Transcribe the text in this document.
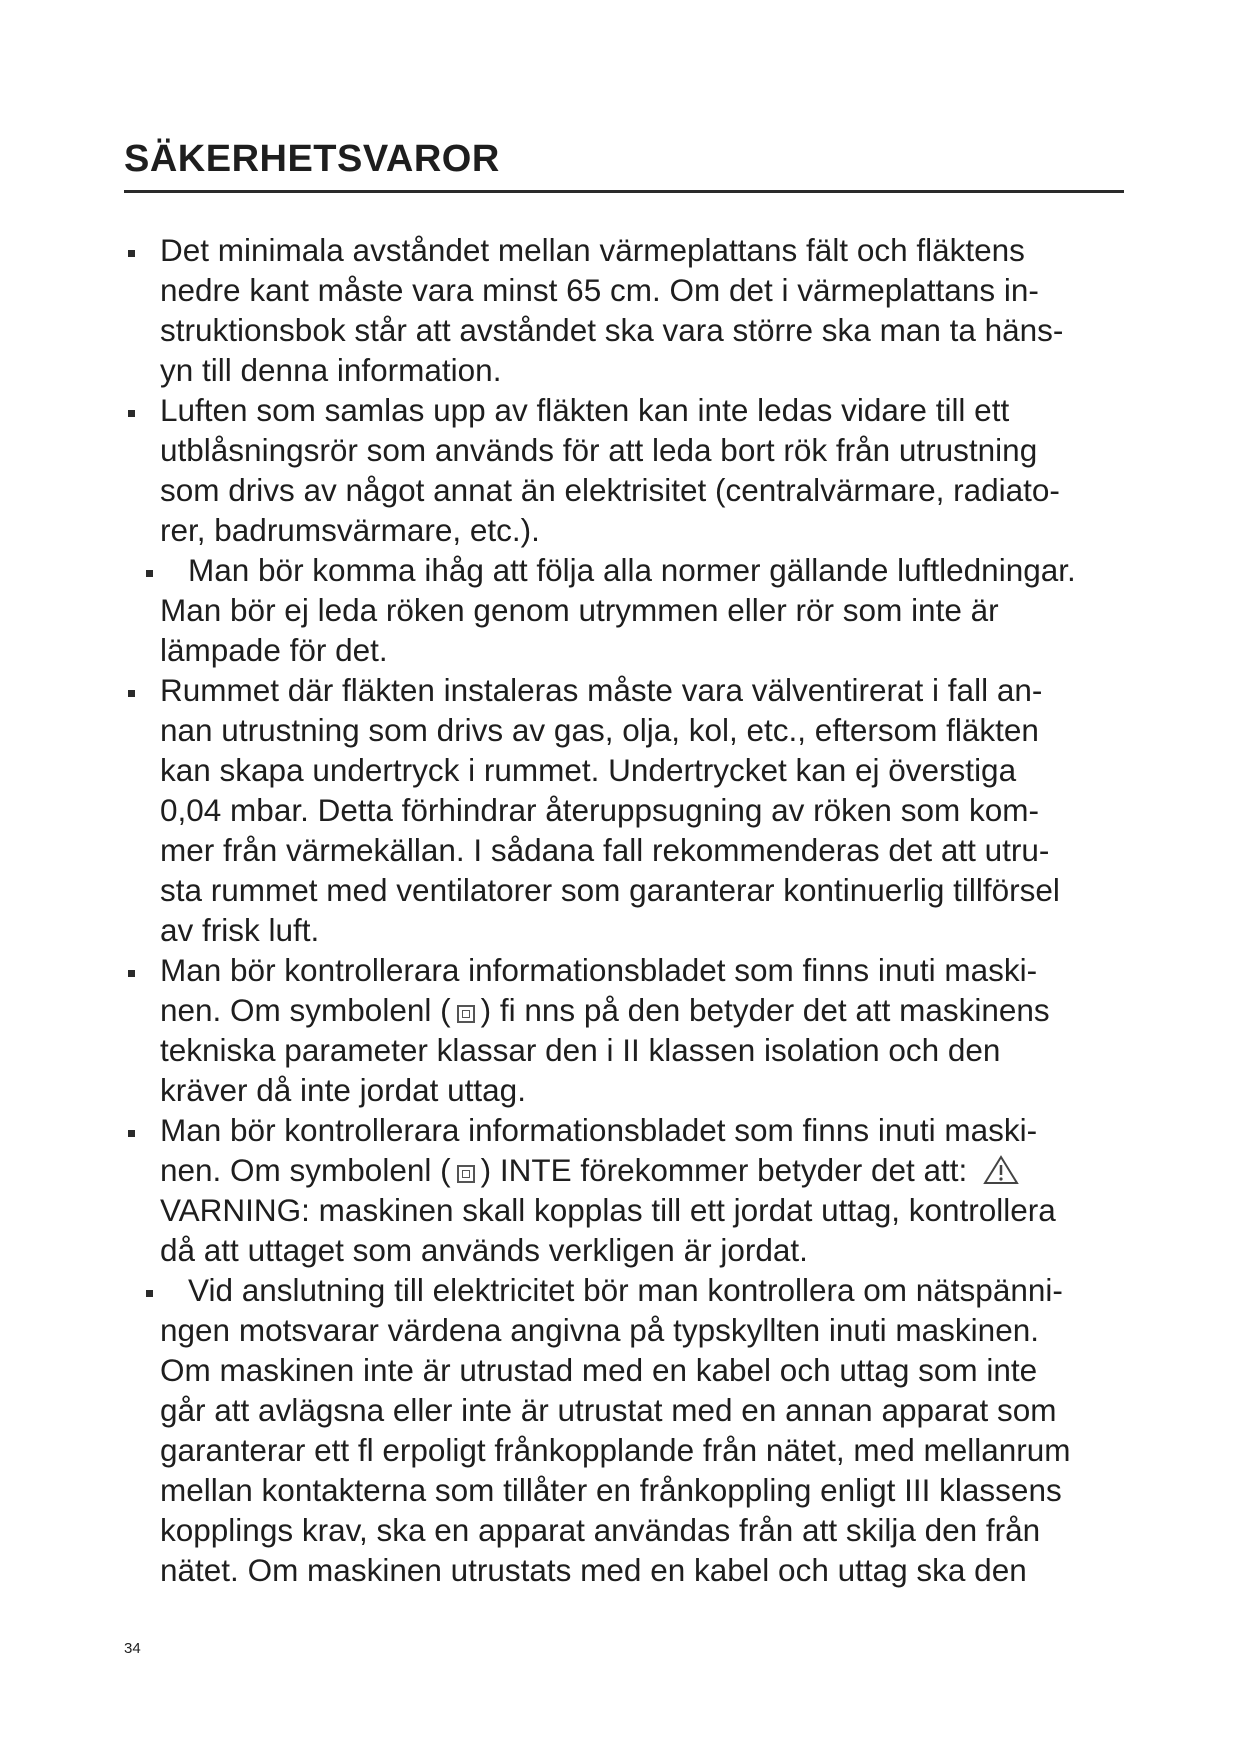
SÄKERHETSVAROR
Det minimala avståndet mellan värmeplattans fält och fläktens
nedre kant måste vara minst 65 cm. Om det i värmeplattans in-
struktionsbok står att avståndet ska vara större ska man ta häns-
yn till denna information.
Luften som samlas upp av fläkten kan inte ledas vidare till ett
utblåsningsrör som används för att leda bort rök från utrustning
som drivs av något annat än elektrisitet (centralvärmare, radiato-
rer, badrumsvärmare, etc.).
Man bör komma ihåg att följa alla normer gällande luftledningar.
Man bör ej leda röken genom utrymmen eller rör som inte är
lämpade för det.
Rummet där fläkten instaleras måste vara välventirerat i fall an-
nan utrustning som drivs av gas, olja, kol, etc., eftersom fläkten
kan skapa undertryck i rummet. Undertrycket kan ej överstiga
0,04 mbar. Detta förhindrar återuppsugning av röken som kom-
mer från värmekällan. I sådana fall rekommenderas det att utru-
sta rummet med ventilatorer som garanterar kontinuerlig tillförsel
av frisk luft.
Man bör kontrollerara informationsbladet som finns inuti maski-
nen. Om symbolenl ( ) fi nns på den betyder det att maskinens
tekniska parameter klassar den i II klassen isolation och den
kräver då inte jordat uttag.
Man bör kontrollerara informationsbladet som finns inuti maski-
nen. Om symbolenl ( ) INTE förekommer betyder det att:
VARNING: maskinen skall kopplas till ett jordat uttag, kontrollera
då att uttaget som används verkligen är jordat.
Vid anslutning till elektricitet bör man kontrollera om nätspänni-
ngen motsvarar värdena angivna på typskyllten inuti maskinen.
Om maskinen inte är utrustad med en kabel och uttag som inte
går att avlägsna eller inte är utrustat med en annan apparat som
garanterar ett fl erpoligt frånkopplande från nätet, med mellanrum
mellan kontakterna som tillåter en frånkoppling enligt III klassens
kopplings krav, ska en apparat användas från att skilja den från
nätet. Om maskinen utrustats med en kabel och uttag ska den
34
